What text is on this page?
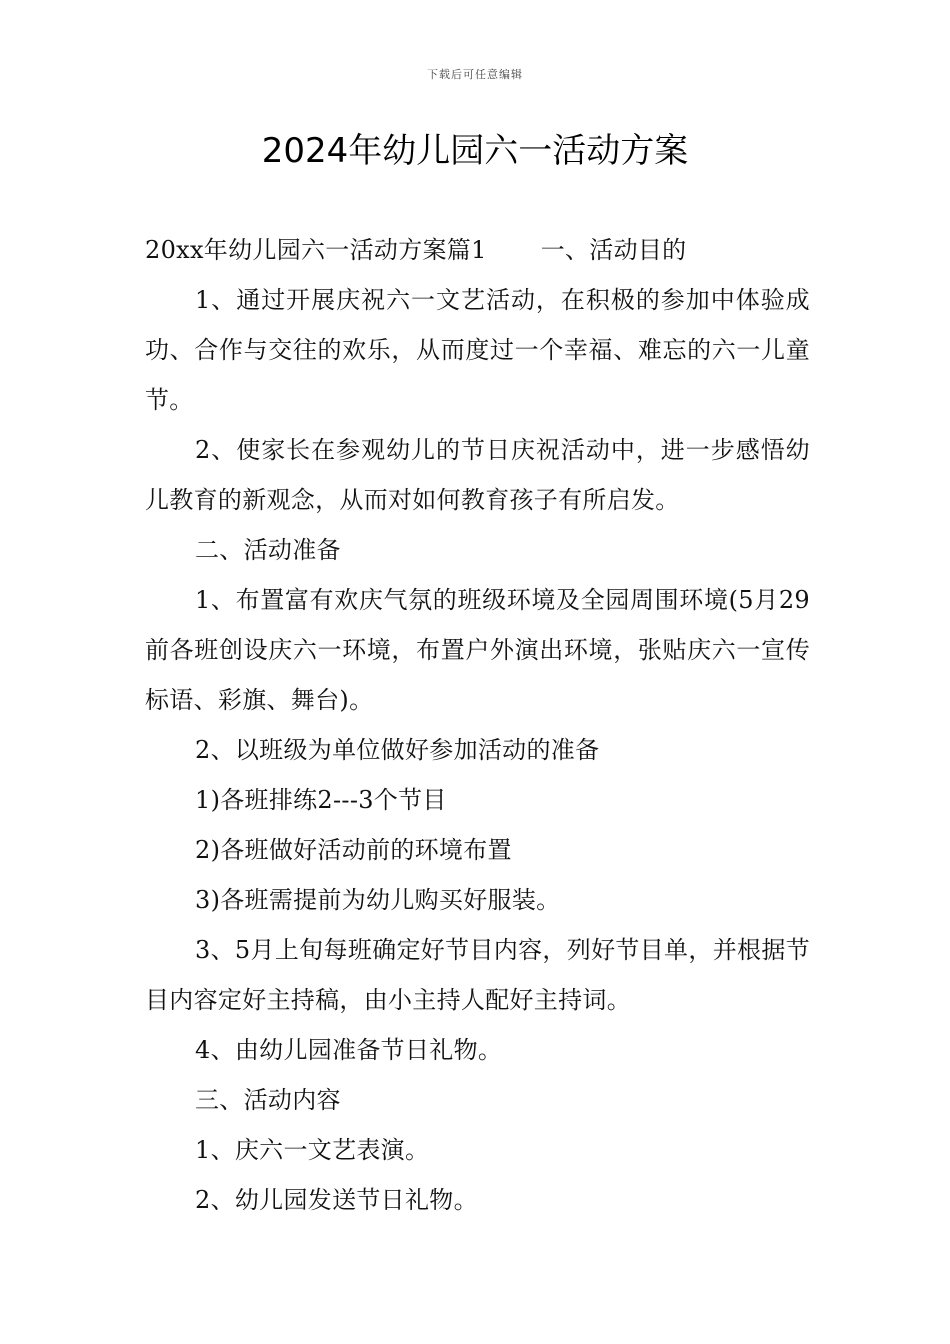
下载后可任意编辑
2024年幼儿园六一活动方案

20xx年幼儿园六一活动方案篇1 一、活动目的

1、通过开展庆祝六一文艺活动，在积极的参加中体验成功、合作与交往的欢乐，从而度过一个幸福、难忘的六一儿童节。

2、使家长在参观幼儿的节日庆祝活动中，进一步感悟幼儿教育的新观念，从而对如何教育孩子有所启发。

二、活动准备

1、布置富有欢庆气氛的班级环境及全园周围环境(5月29前各班创设庆六一环境，布置户外演出环境，张贴庆六一宣传标语、彩旗、舞台)。

2、以班级为单位做好参加活动的准备

1)各班排练2---3个节目

2)各班做好活动前的环境布置

3)各班需提前为幼儿购买好服装。

3、5月上旬每班确定好节目内容，列好节目单，并根据节目内容定好主持稿，由小主持人配好主持词。

4、由幼儿园准备节日礼物。

三、活动内容

1、庆六一文艺表演。

2、幼儿园发送节日礼物。
